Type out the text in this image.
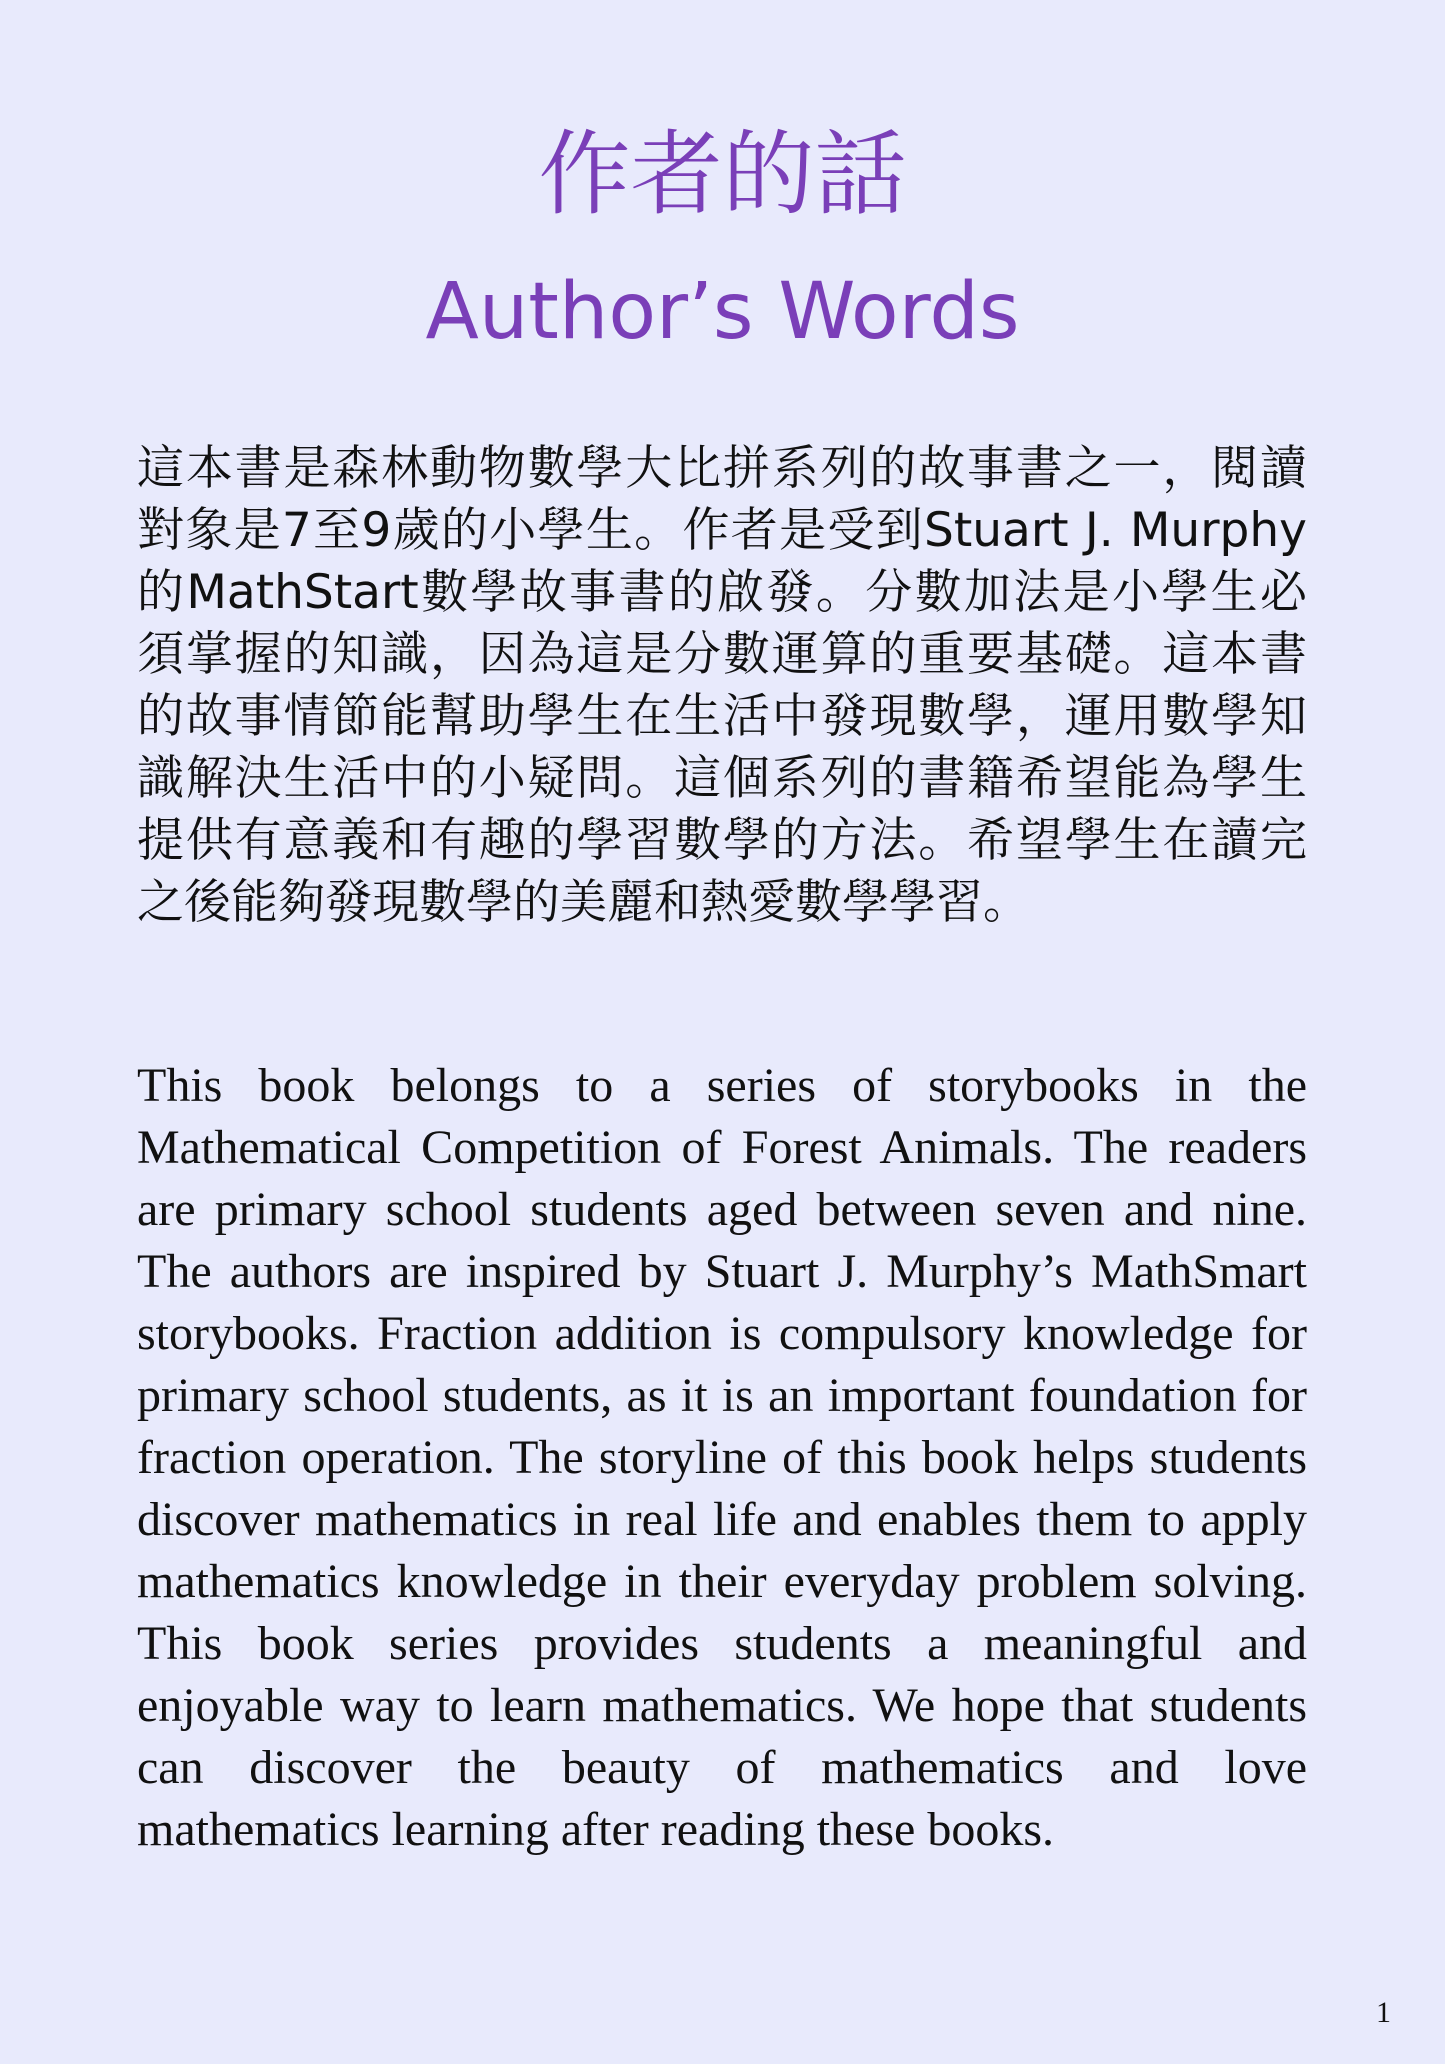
作者的話
Author’s Words

這本書是森林動物數學大比拼系列的故事書之一，閱讀對象是7至9歲的小學生。作者是受到Stuart J. Murphy的MathStart數學故事書的啟發。分數加法是小學生必須掌握的知識，因為這是分數運算的重要基礎。這本書的故事情節能幫助學生在生活中發現數學，運用數學知識解決生活中的小疑問。這個系列的書籍希望能為學生提供有意義和有趣的學習數學的方法。希望學生在讀完之後能夠發現數學的美麗和熱愛數學學習。

This book belongs to a series of storybooks in the Mathematical Competition of Forest Animals. The readers are primary school students aged between seven and nine. The authors are inspired by Stuart J. Murphy’s MathSmart storybooks. Fraction addition is compulsory knowledge for primary school students, as it is an important foundation for fraction operation. The storyline of this book helps students discover mathematics in real life and enables them to apply mathematics knowledge in their everyday problem solving. This book series provides students a meaningful and enjoyable way to learn mathematics. We hope that students can discover the beauty of mathematics and love mathematics learning after reading these books.

1
